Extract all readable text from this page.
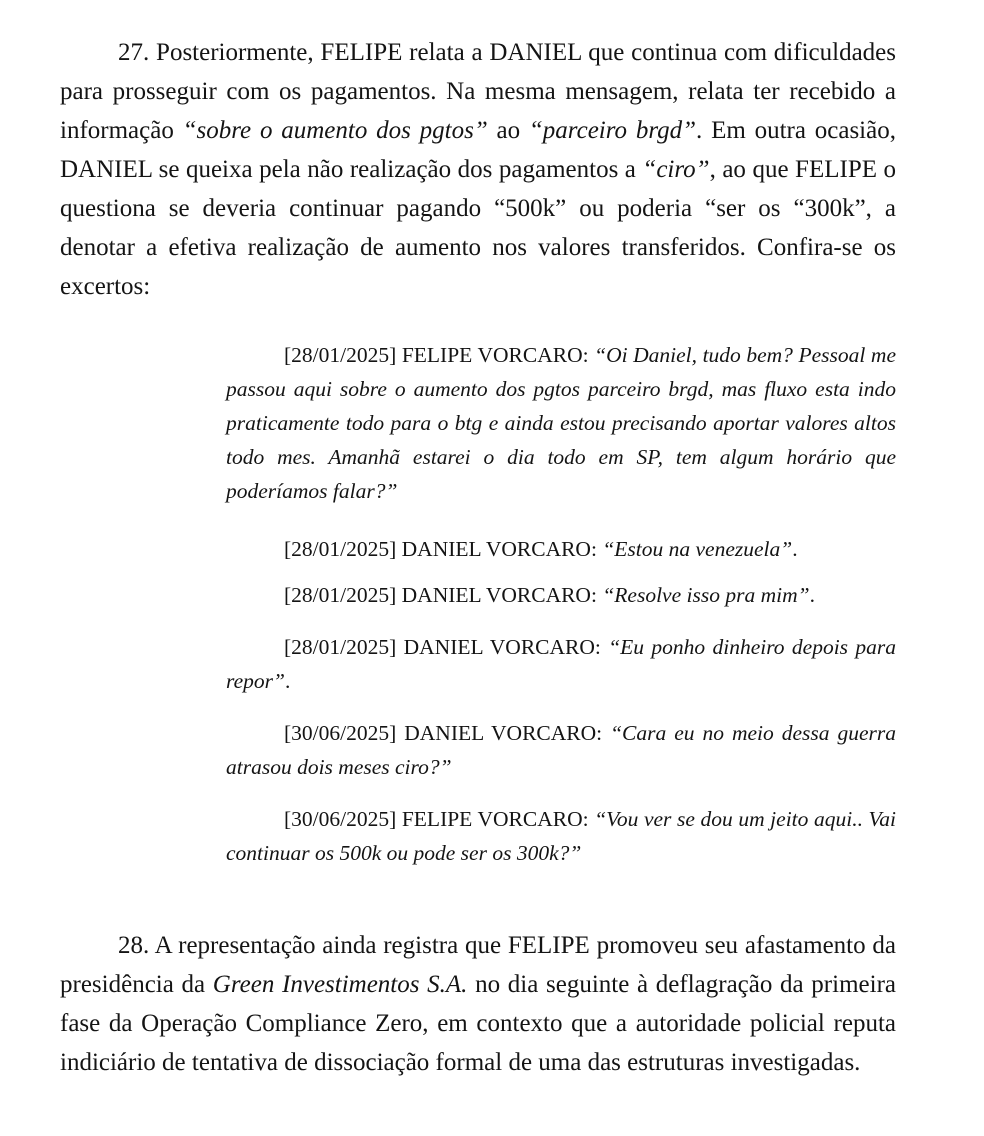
27. Posteriormente, FELIPE relata a DANIEL que continua com dificuldades para prosseguir com os pagamentos. Na mesma mensagem, relata ter recebido a informação “sobre o aumento dos pgtos” ao “parceiro brgd”. Em outra ocasião, DANIEL se queixa pela não realização dos pagamentos a “ciro”, ao que FELIPE o questiona se deveria continuar pagando “500k” ou poderia “ser os “300k”, a denotar a efetiva realização de aumento nos valores transferidos. Confira-se os excertos:

[28/01/2025] FELIPE VORCARO: “Oi Daniel, tudo bem? Pessoal me passou aqui sobre o aumento dos pgtos parceiro brgd, mas fluxo esta indo praticamente todo para o btg e ainda estou precisando aportar valores altos todo mes. Amanhã estarei o dia todo em SP, tem algum horário que poderíamos falar?”

[28/01/2025] DANIEL VORCARO: “Estou na venezuela”.

[28/01/2025] DANIEL VORCARO: “Resolve isso pra mim”.

[28/01/2025] DANIEL VORCARO: “Eu ponho dinheiro depois para repor”.

[30/06/2025] DANIEL VORCARO: “Cara eu no meio dessa guerra atrasou dois meses ciro?”

[30/06/2025] FELIPE VORCARO: “Vou ver se dou um jeito aqui.. Vai continuar os 500k ou pode ser os 300k?”

28. A representação ainda registra que FELIPE promoveu seu afastamento da presidência da Green Investimentos S.A. no dia seguinte à deflagração da primeira fase da Operação Compliance Zero, em contexto que a autoridade policial reputa indiciário de tentativa de dissociação formal de uma das estruturas investigadas.
